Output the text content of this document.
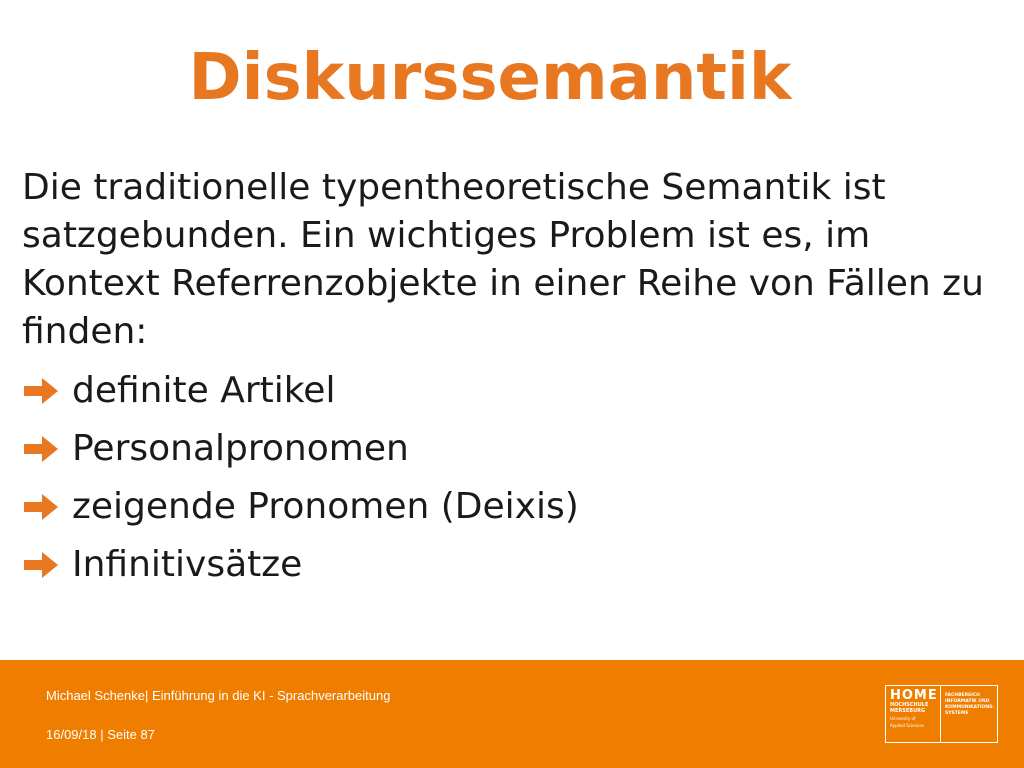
Diskurssemantik

Die traditionelle typentheoretische Semantik ist satzgebunden. Ein wichtiges Problem ist es, im Kontext Referrenzobjekte in einer Reihe von Fällen zu finden:

definite Artikel
Personalpronomen
zeigende Pronomen (Deixis)
Infinitivsätze
Michael Schenke| Einführung in die KI - Sprachverarbeitung
16/09/18 | Seite 87
HOME
HOCHSCHULE
MERSEBURG
University of
Applied Sciences
FACHBEREICH
INFORMATIK UND
KOMMUNIKATIONS-
SYSTEME
